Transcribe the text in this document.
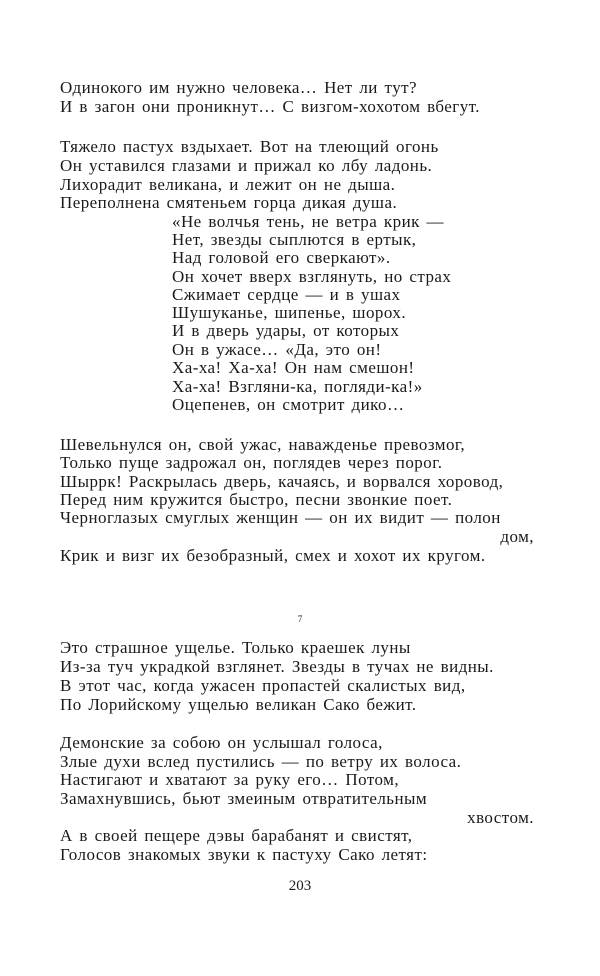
Одинокого им нужно человека… Нет ли тут?
И в загон они проникнут… С визгом-хохотом вбегут.
Тяжело пастух вздыхает. Вот на тлеющий огонь
Он уставился глазами и прижал ко лбу ладонь.
Лихорадит великана, и лежит он не дыша.
Переполнена смятеньем горца дикая душа.
«Не волчья тень, не ветра крик —
Нет, звезды сыплются в ертык,
Над головой его сверкают».
Он хочет вверх взглянуть, но страх
Сжимает сердце — и в ушах
Шушуканье, шипенье, шорох.
И в дверь удары, от которых
Он в ужасе… «Да, это он!
Ха-ха! Ха-ха! Он нам смешон!
Ха-ха! Взгляни-ка, погляди-ка!»
Оцепенев, он смотрит дико…
Шевельнулся он, свой ужас, наважденье превозмог,
Только пуще задрожал он, поглядев через порог.
Шыррк! Раскрылась дверь, качаясь, и ворвался хоровод,
Перед ним кружится быстро, песни звонкие поет.
Черноглазых смуглых женщин — он их видит — полон
дом,
Крик и визг их безобразный, смех и хохот их кругом.
7
Это страшное ущелье. Только краешек луны
Из-за туч украдкой взглянет. Звезды в тучах не видны.
В этот час, когда ужасен пропастей скалистых вид,
По Лорийскому ущелью великан Сако бежит.
Демонские за собою он услышал голоса,
Злые духи вслед пустились — по ветру их волоса.
Настигают и хватают за руку его… Потом,
Замахнувшись, бьют змеиным отвратительным
хвостом.
А в своей пещере дэвы барабанят и свистят,
Голосов знакомых звуки к пастуху Сако летят:
203
